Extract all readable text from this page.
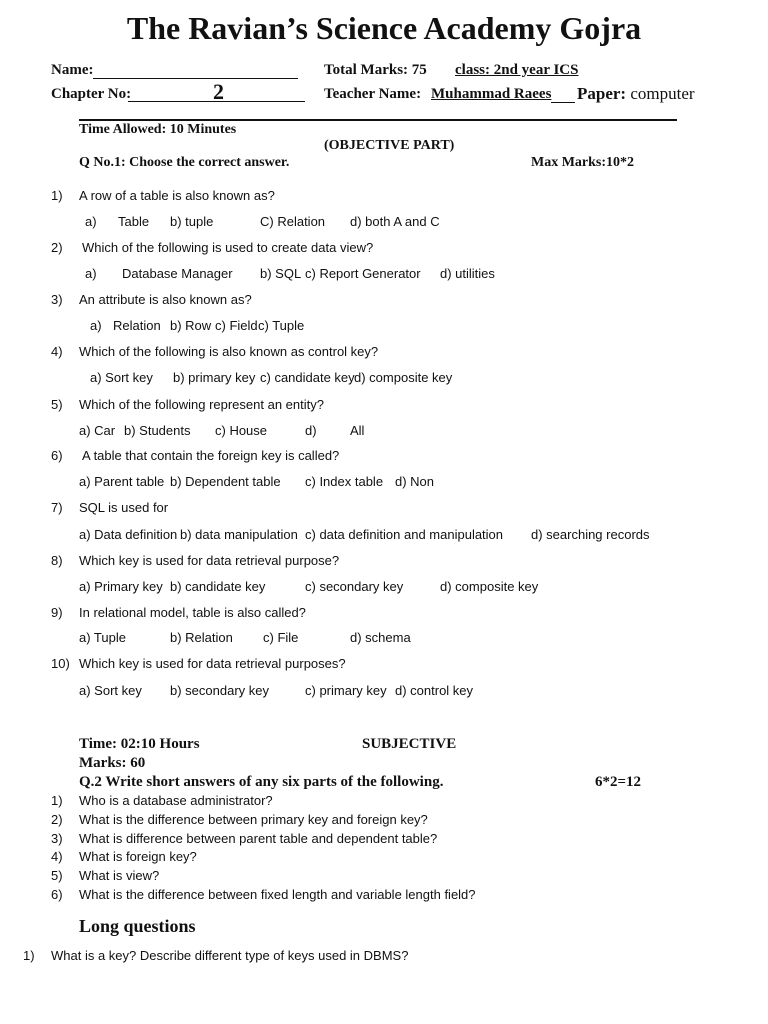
The Ravian’s Science Academy Gojra
Name:	Total Marks: 75 class: 2nd year ICS
Chapter No:	2	Teacher Name: Muhammad Raees	Paper: computer
Time Allowed: 10 Minutes
(OBJECTIVE PART)
Q No.1: Choose the correct answer.	Max Marks:10*2
1) A row of a table is also known as?
a) Table b) tuple	C) Relation d) both A and C
2) Which of the following is used to create data view?
a) Database Manager b) SQL c) Report Generator d) utilities
3) An attribute is also known as?
a) Relation b) Row c) Field c) Tuple
4) Which of the following is also known as control key?
a) Sort key b) primary key c) candidate key d) composite key
5) Which of the following represent an entity?
a) Car b) Students c) House	d)	All
6) A table that contain the foreign key is called?
a) Parent table b) Dependent table c) Index table d) Non
7) SQL is used for
a) Data definition b) data manipulation c) data definition and manipulation d) searching records
8) Which key is used for data retrieval purpose?
a) Primary key b) candidate key	c) secondary key	d) composite key
9) In relational model, table is also called?
a) Tuple	b) Relation c) File	d) schema
10) Which key is used for data retrieval purposes?
a) Sort key b) secondary key	c) primary key d) control key
Time: 02:10 Hours	SUBJECTIVE
Marks: 60
Q.2 Write short answers of any six parts of the following.	6*2=12
1) Who is a database administrator?
2) What is the difference between primary key and foreign key?
3) What is difference between parent table and dependent table?
4) What is foreign key?
5) What is view?
6) What is the difference between fixed length and variable length field?
Long questions
1) What is a key? Describe different type of keys used in DBMS?
